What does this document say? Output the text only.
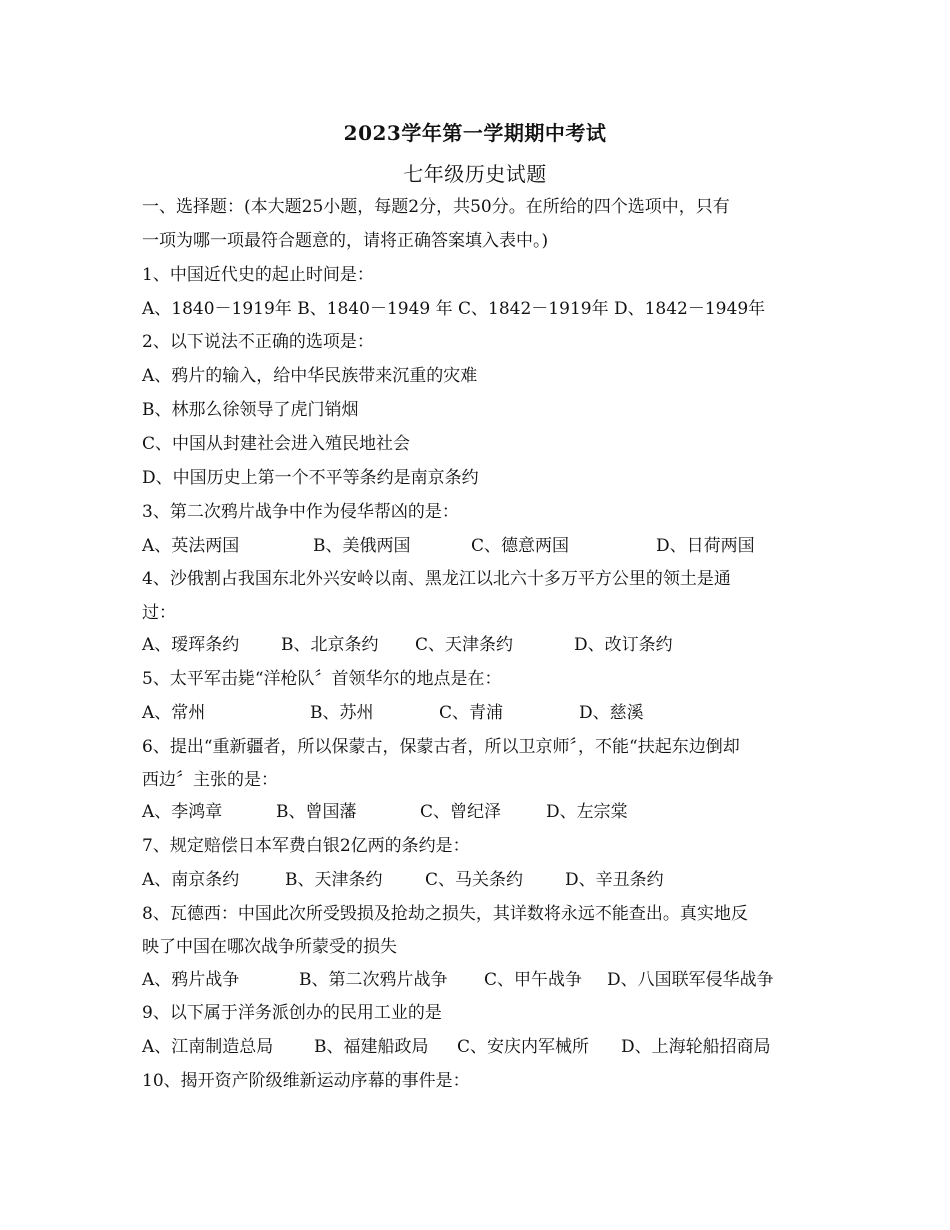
2023学年第一学期期中考试
七年级历史试题
一、选择题：(本大题25小题，每题2分，共50分。在所给的四个选项中，只有
一项为哪一项最符合题意的，请将正确答案填入表中。)
1、中国近代史的起止时间是：
A、1840－1919年 B、1840－1949 年 C、1842－1919年 D、1842－1949年
2、以下说法不正确的选项是：
A、鸦片的输入，给中华民族带来沉重的灾难
B、林那么徐领导了虎门销烟
C、中国从封建社会进入殖民地社会
D、中国历史上第一个不平等条约是南京条约
3、第二次鸦片战争中作为侵华帮凶的是：
A、英法两国	B、美俄两国	C、德意两国	D、日荷两国
4、沙俄割占我国东北外兴安岭以南、黑龙江以北六十多万平方公里的领土是通
过：
A、瑷珲条约 B、北京条约 C、天津条约	D、改订条约
5、太平军击毙“洋枪队〞首领华尔的地点是在：
A、常州	B、苏州	C、青浦	D、慈溪
6、提出“重新疆者，所以保蒙古，保蒙古者，所以卫京师〞，不能“扶起东边倒却
西边〞主张的是：
A、李鸿章	B、曾国藩	C、曾纪泽	D、左宗棠
7、规定赔偿日本军费白银2亿两的条约是：
A、南京条约	B、天津条约	C、马关条约 D、辛丑条约
8、瓦德西：中国此次所受毁损及抢劫之损失，其详数将永远不能查出。真实地反
映了中国在哪次战争所蒙受的损失
A、鸦片战争	B、第二次鸦片战争 C、甲午战争 D、八国联军侵华战争
9、以下属于洋务派创办的民用工业的是
A、江南制造总局 B、福建船政局 C、安庆内军械所 D、上海轮船招商局
10、揭开资产阶级维新运动序幕的事件是：
